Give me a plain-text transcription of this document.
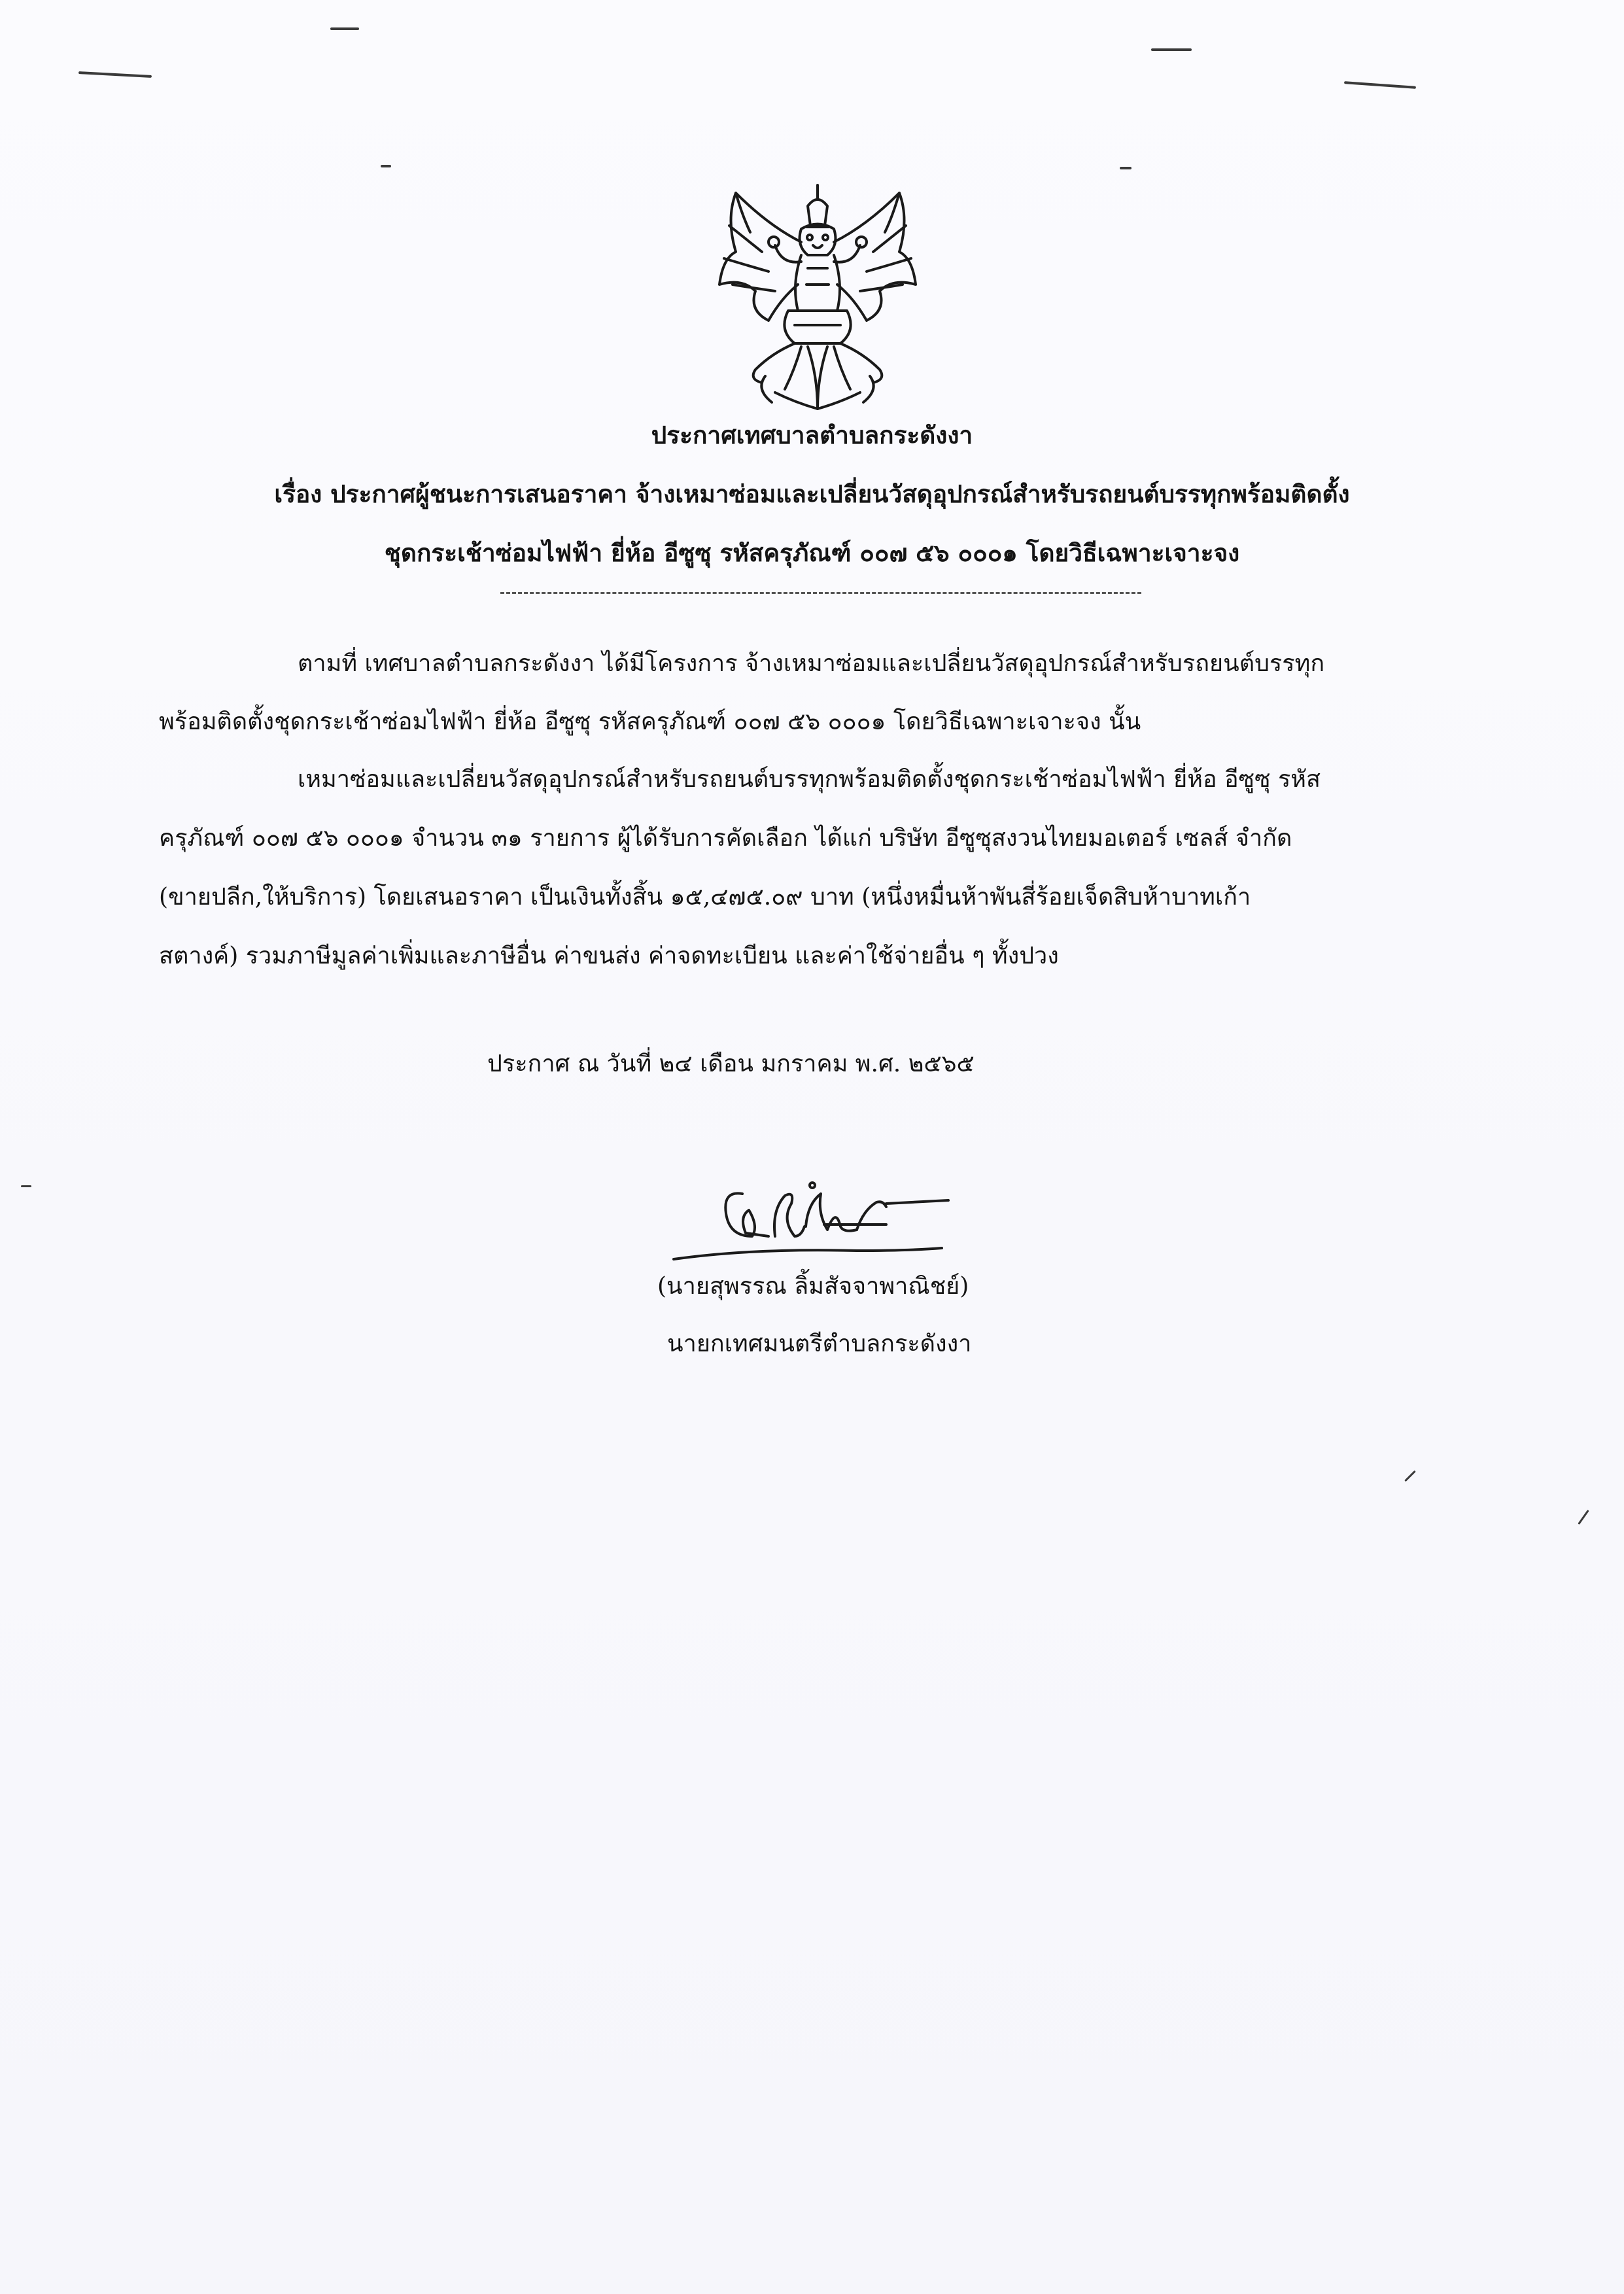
ประกาศเทศบาลตำบลกระดังงา
เรื่อง ประกาศผู้ชนะการเสนอราคา จ้างเหมาซ่อมและเปลี่ยนวัสดุอุปกรณ์สำหรับรถยนต์บรรทุกพร้อมติดตั้ง
ชุดกระเช้าซ่อมไฟฟ้า ยี่ห้อ อีซูซุ รหัสครุภัณฑ์ ๐๐๗ ๕๖ ๐๐๐๑ โดยวิธีเฉพาะเจาะจง
ตามที่ เทศบาลตำบลกระดังงา ได้มีโครงการ จ้างเหมาซ่อมและเปลี่ยนวัสดุอุปกรณ์สำหรับรถยนต์บรรทุก
พร้อมติดตั้งชุดกระเช้าซ่อมไฟฟ้า ยี่ห้อ อีซูซุ รหัสครุภัณฑ์ ๐๐๗ ๕๖ ๐๐๐๑ โดยวิธีเฉพาะเจาะจง นั้น
เหมาซ่อมและเปลี่ยนวัสดุอุปกรณ์สำหรับรถยนต์บรรทุกพร้อมติดตั้งชุดกระเช้าซ่อมไฟฟ้า ยี่ห้อ อีซูซุ รหัส
ครุภัณฑ์ ๐๐๗ ๕๖ ๐๐๐๑ จำนวน ๓๑ รายการ ผู้ได้รับการคัดเลือก ได้แก่ บริษัท อีซูซุสงวนไทยมอเตอร์ เซลส์ จำกัด
(ขายปลีก,ให้บริการ) โดยเสนอราคา เป็นเงินทั้งสิ้น ๑๕,๔๗๕.๐๙ บาท (หนึ่งหมื่นห้าพันสี่ร้อยเจ็ดสิบห้าบาทเก้า
สตางค์) รวมภาษีมูลค่าเพิ่มและภาษีอื่น ค่าขนส่ง ค่าจดทะเบียน และค่าใช้จ่ายอื่น ๆ ทั้งปวง
ประกาศ ณ วันที่ ๒๔ เดือน มกราคม พ.ศ. ๒๕๖๕
(นายสุพรรณ ลิ้มสัจจาพาณิชย์)
นายกเทศมนตรีตำบลกระดังงา
